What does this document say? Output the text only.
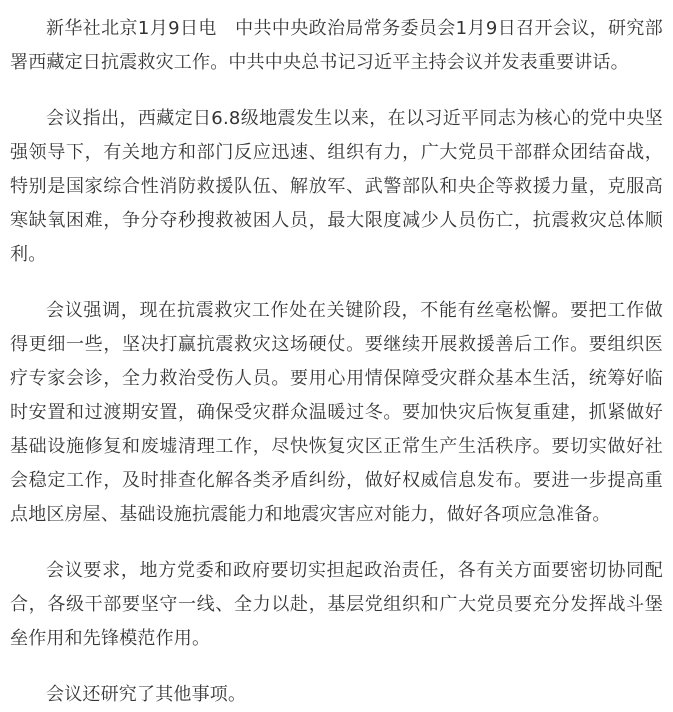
新华社北京1月9日电　中共中央政治局常务委员会1月9日召开会议，研究部署西藏定日抗震救灾工作。中共中央总书记习近平主持会议并发表重要讲话。

会议指出，西藏定日6.8级地震发生以来，在以习近平同志为核心的党中央坚强领导下，有关地方和部门反应迅速、组织有力，广大党员干部群众团结奋战，特别是国家综合性消防救援队伍、解放军、武警部队和央企等救援力量，克服高寒缺氧困难，争分夺秒搜救被困人员，最大限度减少人员伤亡，抗震救灾总体顺利。

会议强调，现在抗震救灾工作处在关键阶段，不能有丝毫松懈。要把工作做得更细一些，坚决打赢抗震救灾这场硬仗。要继续开展救援善后工作。要组织医疗专家会诊，全力救治受伤人员。要用心用情保障受灾群众基本生活，统筹好临时安置和过渡期安置，确保受灾群众温暖过冬。要加快灾后恢复重建，抓紧做好基础设施修复和废墟清理工作，尽快恢复灾区正常生产生活秩序。要切实做好社会稳定工作，及时排查化解各类矛盾纠纷，做好权威信息发布。要进一步提高重点地区房屋、基础设施抗震能力和地震灾害应对能力，做好各项应急准备。

会议要求，地方党委和政府要切实担起政治责任，各有关方面要密切协同配合，各级干部要坚守一线、全力以赴，基层党组织和广大党员要充分发挥战斗堡垒作用和先锋模范作用。

会议还研究了其他事项。
